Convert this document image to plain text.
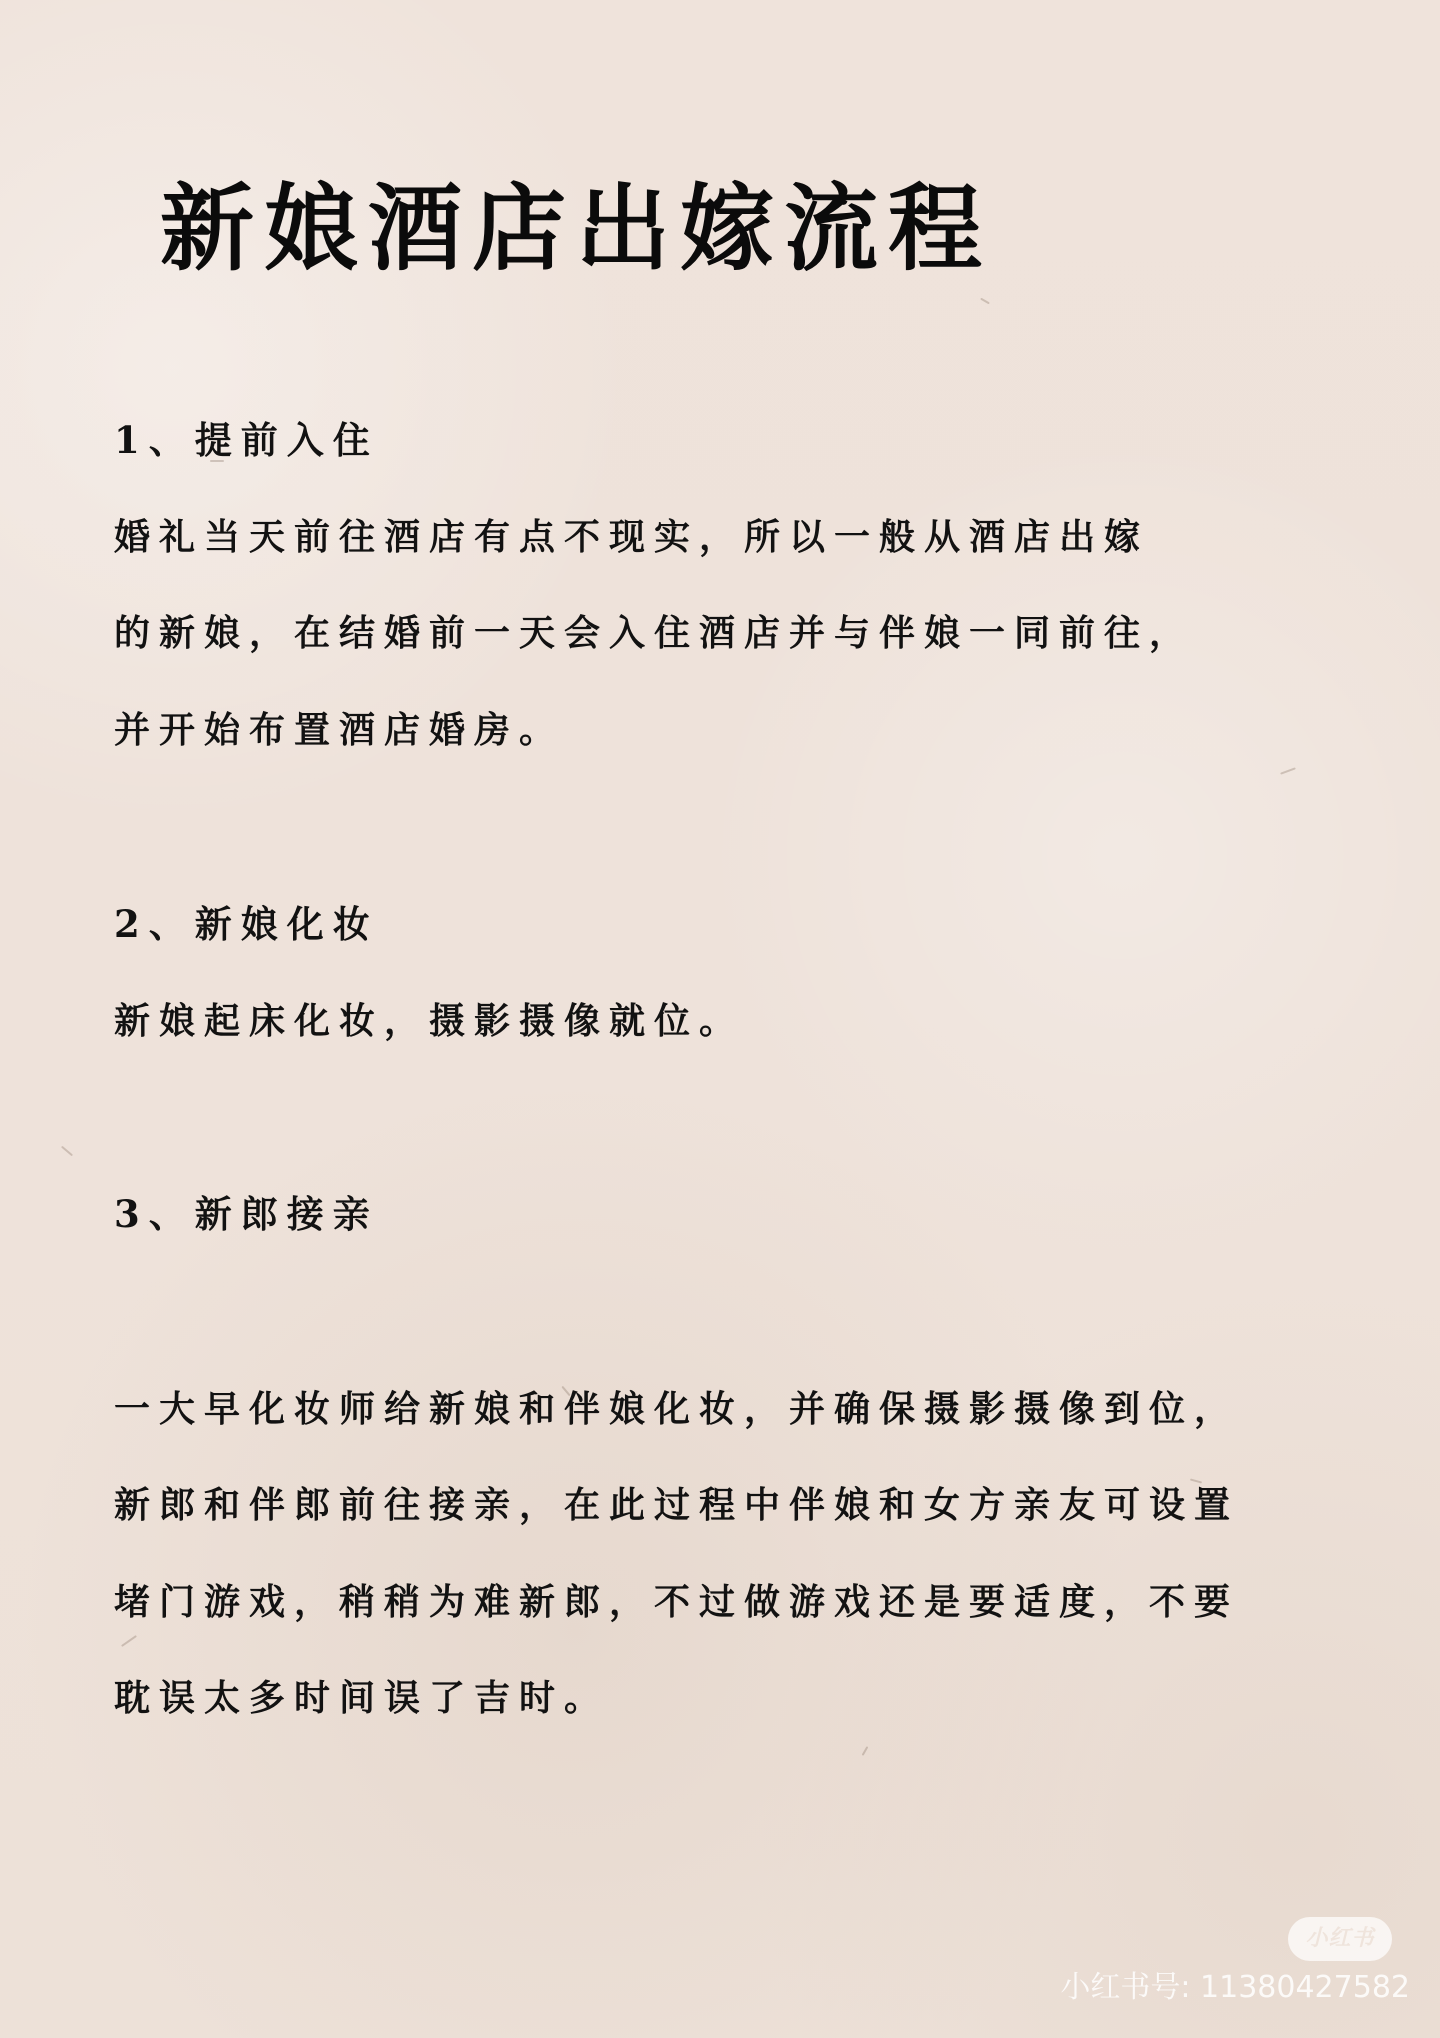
新娘酒店出嫁流程

1、提前入住

婚礼当天前往酒店有点不现实，所以一般从酒店出嫁

的新娘，在结婚前一天会入住酒店并与伴娘一同前往，

并开始布置酒店婚房。

2、新娘化妆

新娘起床化妆，摄影摄像就位。

3、新郎接亲

一大早化妆师给新娘和伴娘化妆，并确保摄影摄像到位，

新郎和伴郎前往接亲，在此过程中伴娘和女方亲友可设置

堵门游戏，稍稍为难新郎，不过做游戏还是要适度，不要

耽误太多时间误了吉时。

小红书

小红书号: 11380427582
